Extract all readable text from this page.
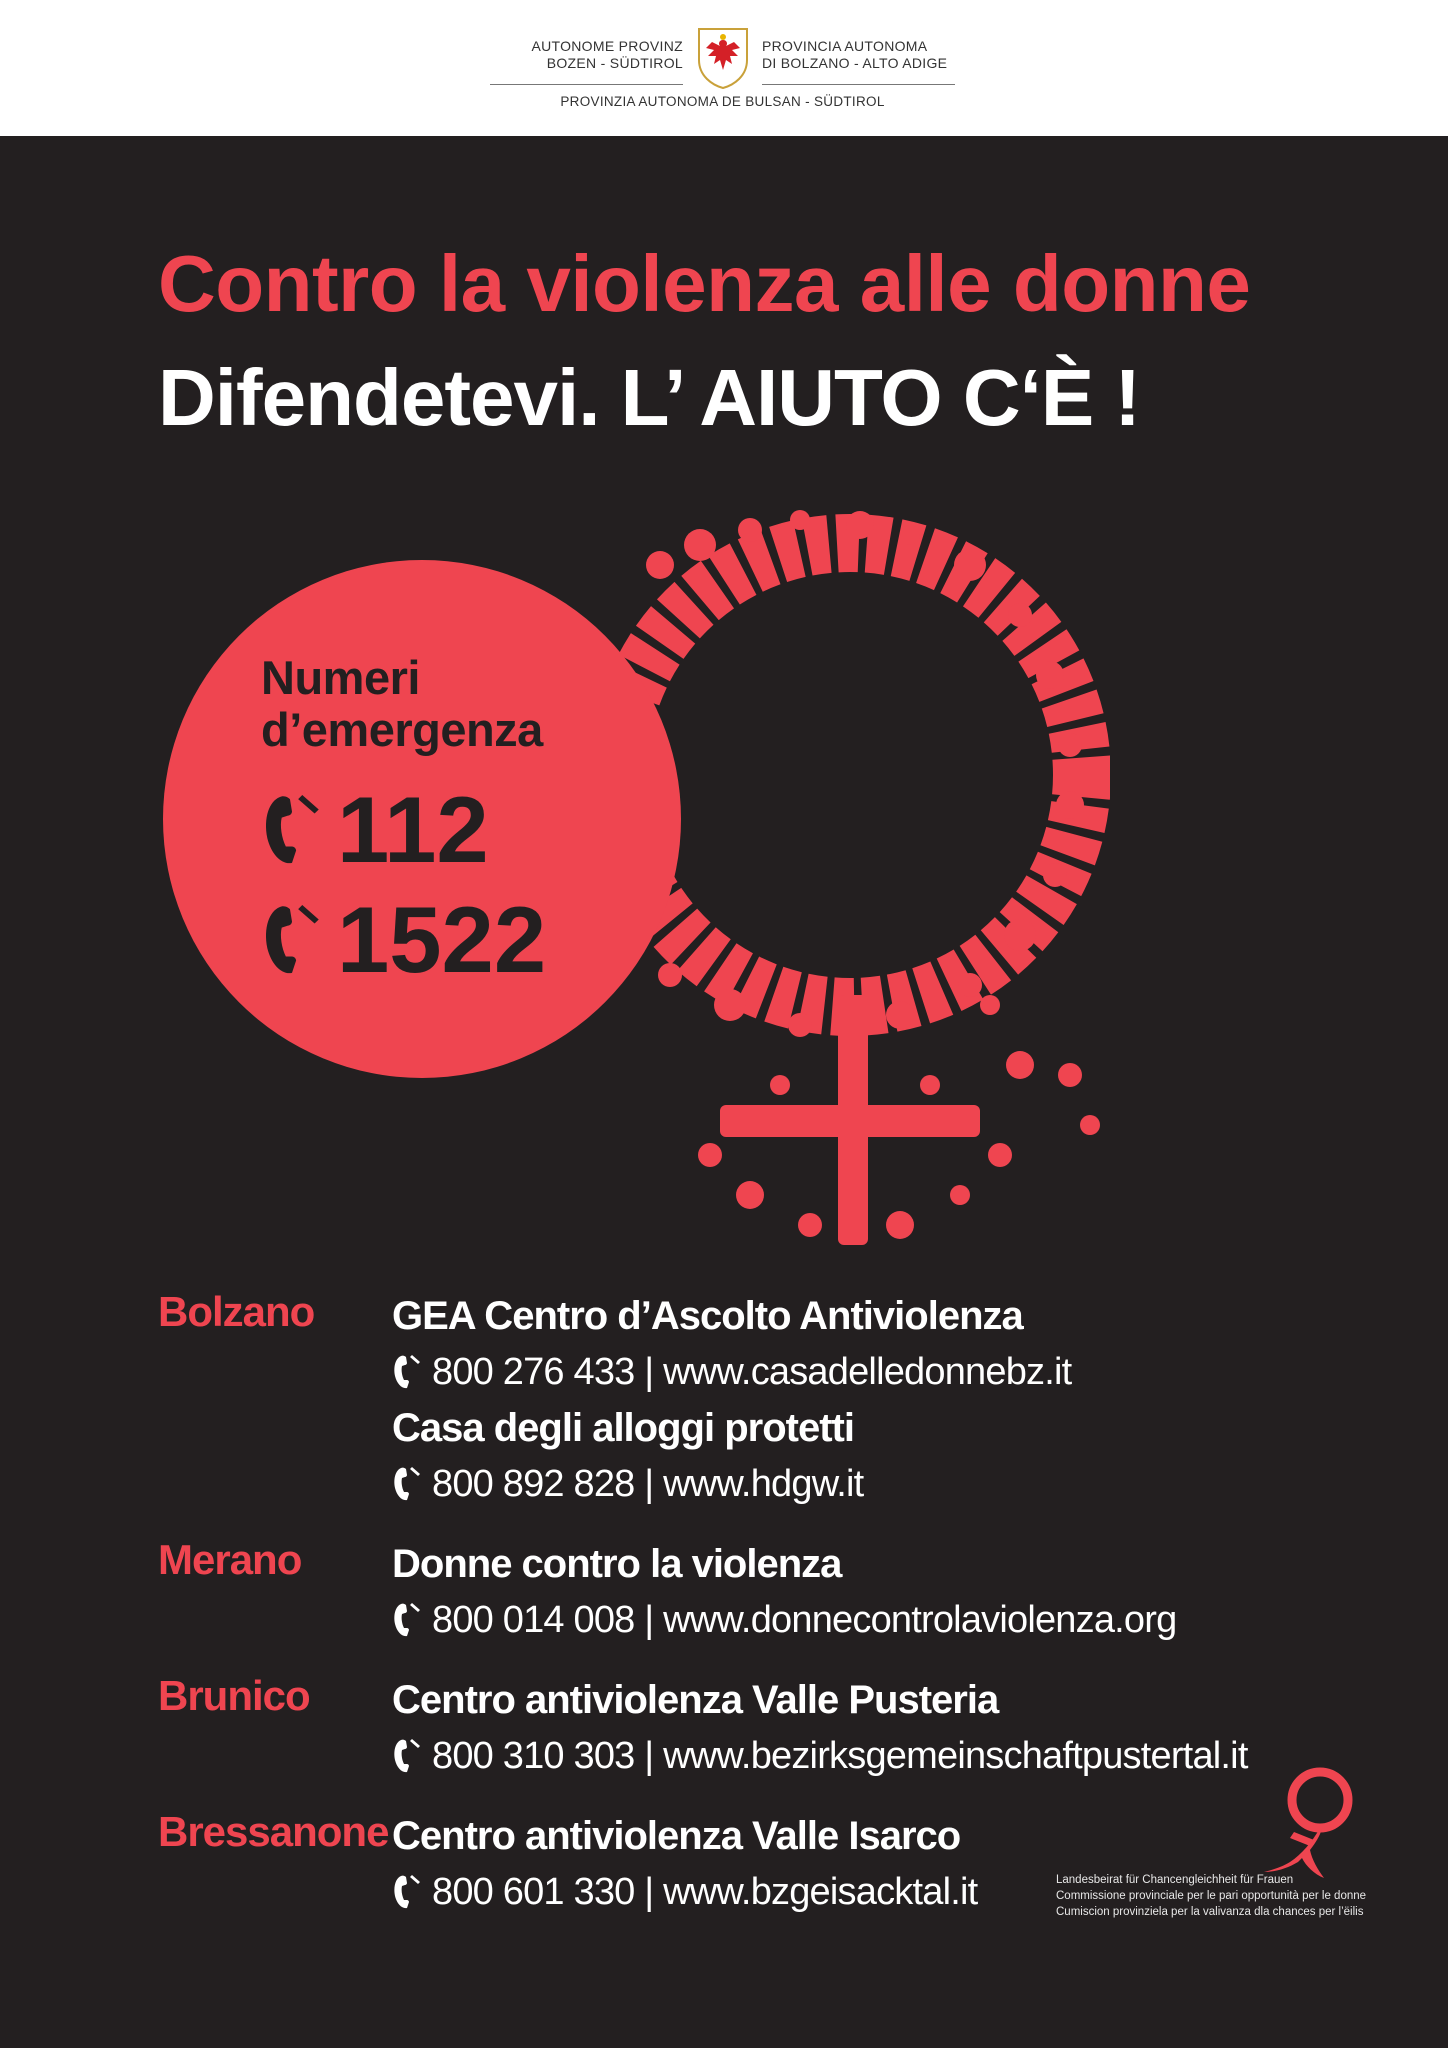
AUTONOME PROVINZ
BOZEN - SÜDTIROL
PROVINCIA AUTONOMA
DI BOLZANO - ALTO ADIGE
PROVINZIA AUTONOMA DE BULSAN - SÜDTIROL
Contro la violenza alle donne
Difendetevi. L’ AIUTO C‘È !
Numeri
d’emergenza
112
1522
Bolzano GEA Centro d’Ascolto Antiviolenza
800 276 433 | www.casadelledonnebz.it
Casa degli alloggi protetti
800 892 828 | www.hdgw.it
Merano Donne contro la violenza
800 014 008 | www.donnecontrolaviolenza.org
Brunico Centro antiviolenza Valle Pusteria
800 310 303 | www.bezirksgemeinschaftpustertal.it
Bressanone Centro antiviolenza Valle Isarco
800 601 330 | www.bzgeisacktal.it	Landesbeirat für Chancengleichheit für Frauen
Commissione provinciale per le pari opportunità per le donne
Cumiscion provinziela per la valivanza dla chances per l’ëilis
